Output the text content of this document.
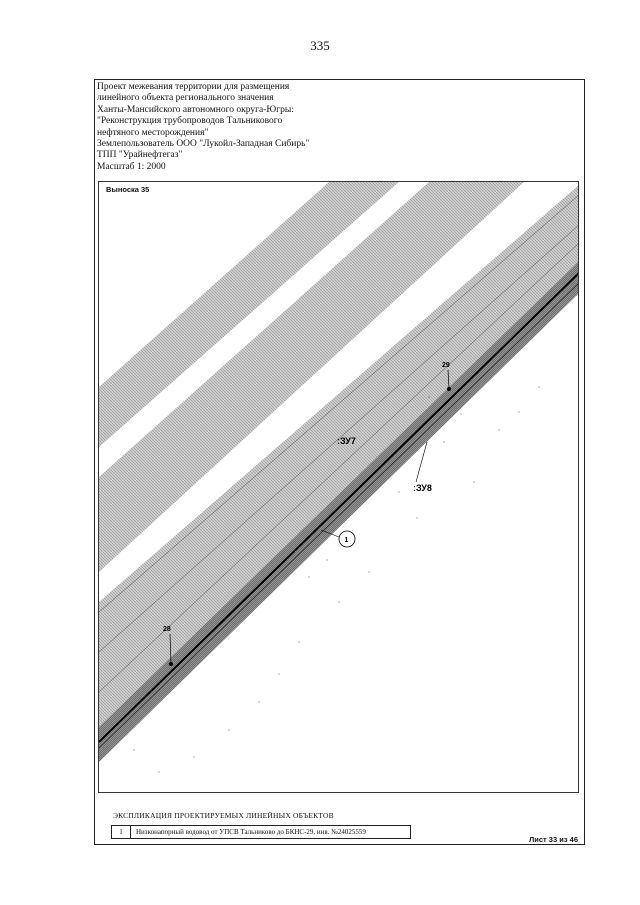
335
Проект межевания территории для размещения
линейного объекта регионального значения
Ханты-Мансийского автономного округа-Югры:
"Реконструкция трубопроводов Тальникового
нефтяного месторождения"
Землепользователь ООО "Лукойл-Западная Сибирь"
ТПП "Урайнефтегаз"
Масштаб 1: 2000
29
28
:ЗУ7
:ЗУ8
1
Выноска 35
ЭКСПЛИКАЦИЯ ПРОЕКТИРУЕМЫХ ЛИНЕЙНЫХ ОБЪЕКТОВ
1	Низконапорный водовод от УПСВ Тальниково до БКНС-29, инв. №24025559
Лист 33 из 46
